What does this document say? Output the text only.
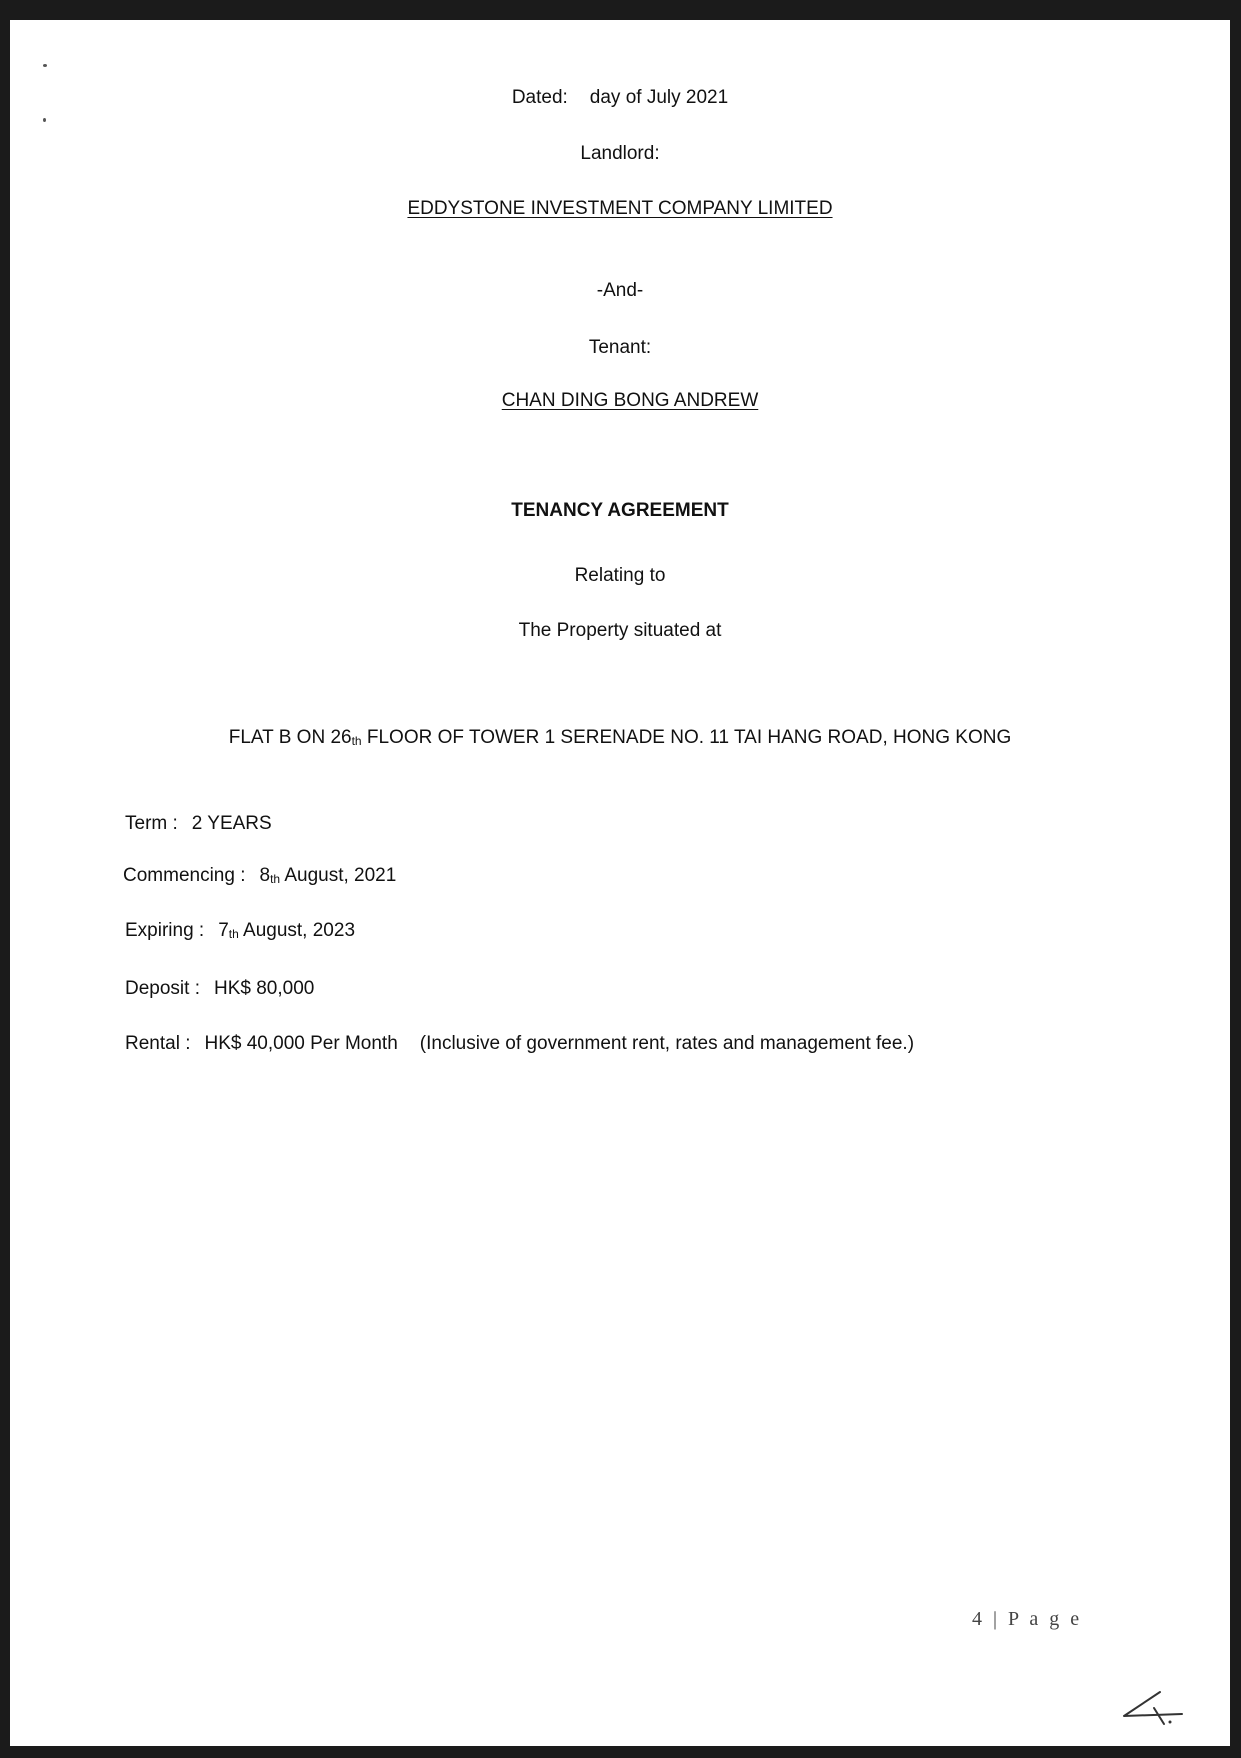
Dated: day of July 2021
Landlord:
EDDYSTONE INVESTMENT COMPANY LIMITED
-And-
Tenant:
CHAN DING BONG ANDREW
TENANCY AGREEMENT
Relating to
The Property situated at
FLAT B ON 26th FLOOR OF TOWER 1 SERENADE NO. 11 TAI HANG ROAD, HONG KONG
Term : 2 YEARS
Commencing : 8th August, 2021
Expiring : 7th August, 2023
Deposit : HK$ 80,000
Rental : HK$ 40,000 Per Month (Inclusive of government rent, rates and management fee.)
4 | P a g e
